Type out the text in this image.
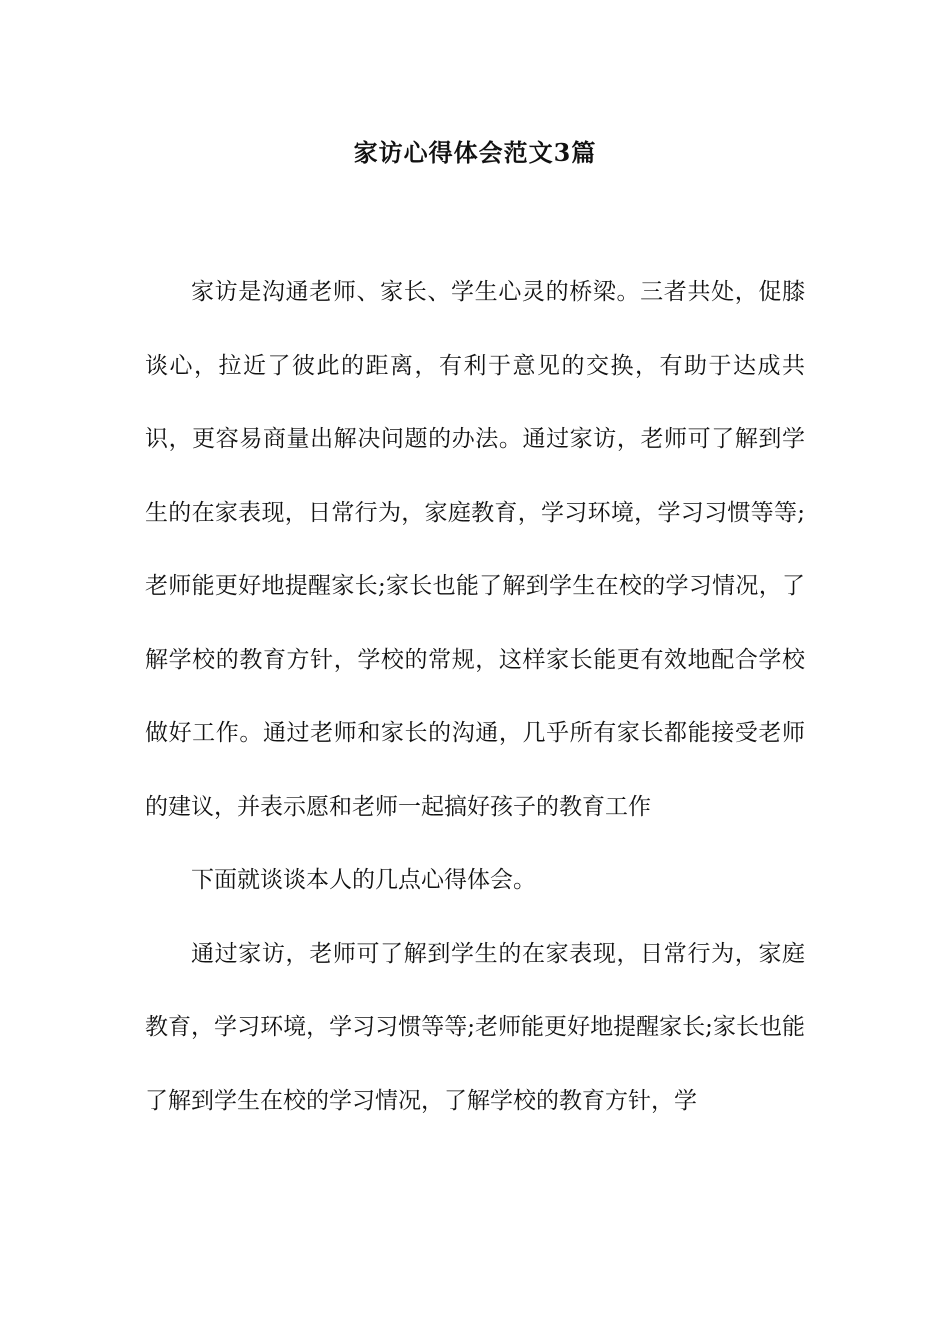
家访心得体会范文3篇

家访是沟通老师、家长、学生心灵的桥梁。三者共处，促膝谈心，拉近了彼此的距离，有利于意见的交换，有助于达成共识，更容易商量出解决问题的办法。通过家访，老师可了解到学生的在家表现，日常行为，家庭教育，学习环境，学习习惯等等;老师能更好地提醒家长;家长也能了解到学生在校的学习情况，了解学校的教育方针，学校的常规，这样家长能更有效地配合学校做好工作。通过老师和家长的沟通，几乎所有家长都能接受老师的建议，并表示愿和老师一起搞好孩子的教育工作

下面就谈谈本人的几点心得体会。

通过家访，老师可了解到学生的在家表现，日常行为，家庭教育，学习环境，学习习惯等等;老师能更好地提醒家长;家长也能了解到学生在校的学习情况，了解学校的教育方针，学
